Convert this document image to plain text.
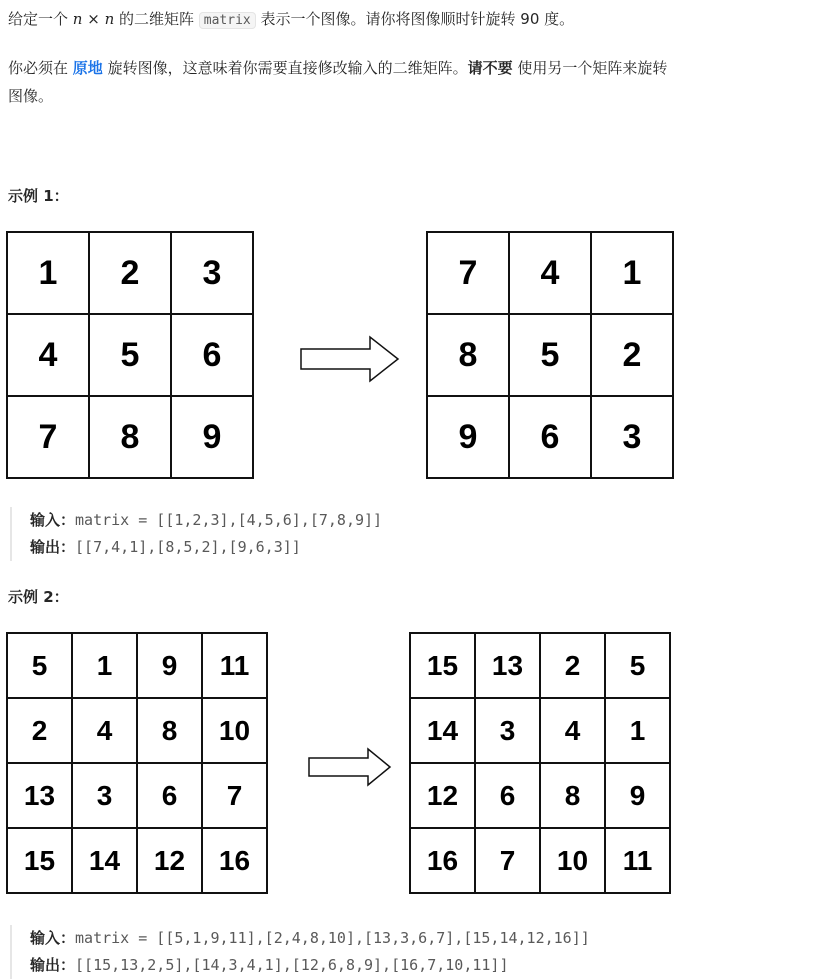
给定一个 n × n 的二维矩阵 matrix 表示一个图像。请你将图像顺时针旋转 90 度。
你必须在 原地 旋转图像，这意味着你需要直接修改输入的二维矩阵。请不要 使用另一个矩阵来旋转
图像。
示例 1：
1	2	3
4	5	6
7	8	9
7	4	1
8	5	2
9	6	3
输入：matrix = [[1,2,3],[4,5,6],[7,8,9]]
输出：[[7,4,1],[8,5,2],[9,6,3]]
示例 2：
5	1	9	11
2	4	8	10
13	3	6	7
15	14	12	16
15	13	2	5
14	3	4	1
12	6	8	9
16	7	10	11
输入：matrix = [[5,1,9,11],[2,4,8,10],[13,3,6,7],[15,14,12,16]]
输出：[[15,13,2,5],[14,3,4,1],[12,6,8,9],[16,7,10,11]]
